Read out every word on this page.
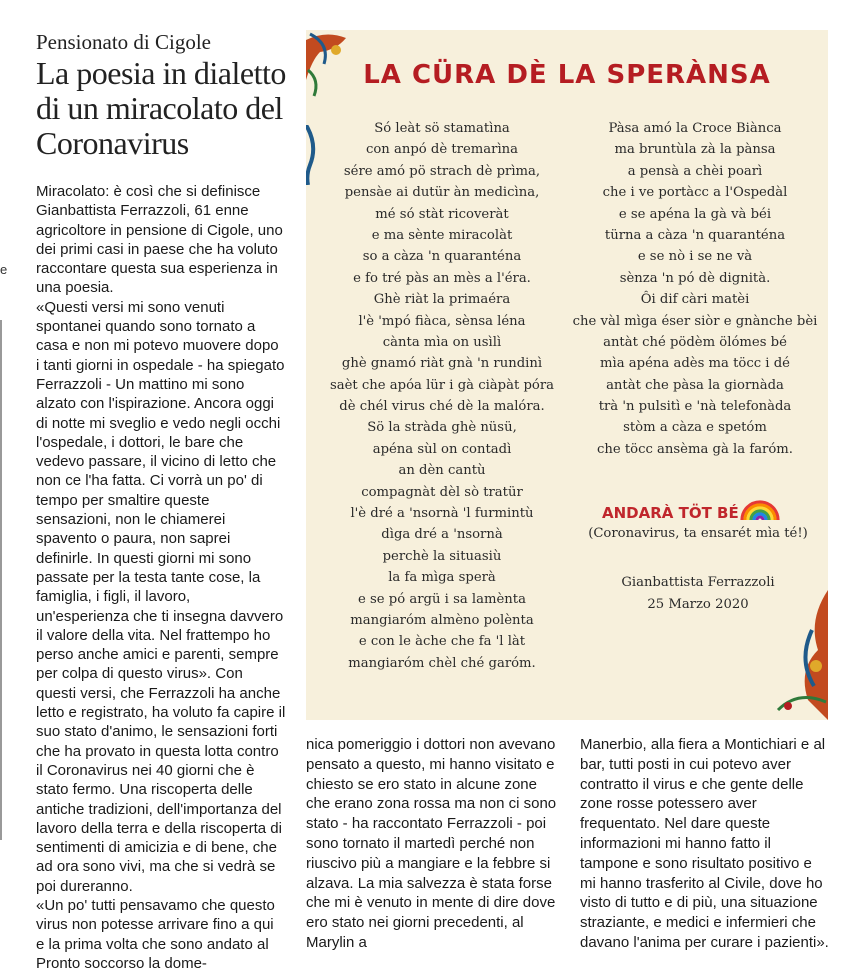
Pensionato di Cigole
La poesia in dialetto di un miracolato del Coronavirus
e

Miracolato: è così che si definisce Gianbattista Ferrazzoli, 61 enne agricoltore in pensione di Cigole, uno dei primi casi in paese che ha voluto raccontare questa sua esperienza in una poesia.

«Questi versi mi sono venuti spontanei quando sono tornato a casa e non mi potevo muovere dopo i tanti giorni in ospedale - ha spiegato Ferrazzoli - Un mattino mi sono alzato con l'ispirazione. Ancora oggi di notte mi sveglio e vedo negli occhi l'ospedale, i dottori, le bare che vedevo passare, il vicino di letto che non ce l'ha fatta. Ci vorrà un po' di tempo per smaltire queste sensazioni, non le chiamerei spavento o paura, non saprei definirle. In questi giorni mi sono passate per la testa tante cose, la famiglia, i figli, il lavoro, un'esperienza che ti insegna davvero il valore della vita. Nel frattempo ho perso anche amici e parenti, sempre per colpa di questo virus». Con questi versi, che Ferrazzoli ha anche letto e registrato, ha voluto fa capire il suo stato d'animo, le sensazioni forti che ha provato in questa lotta contro il Coronavirus nei 40 giorni che è stato fermo. Una riscoperta delle antiche tradizioni, dell'importanza del lavoro della terra e della riscoperta di sentimenti di amicizia e di bene, che ad ora sono vivi, ma che si vedrà se poi dureranno.

«Un po' tutti pensavamo che questo virus non potesse arrivare fino a qui e la prima volta che sono andato al Pronto soccorso la dome-

LA CÜRA DÈ LA SPERÀNSA
Só leàt sö stamatìna
con anpó dè tremarìna
sére amó pö strach dè prìma,
pensàe ai dutür àn medicìna,
mé só stàt ricoveràt
e ma sènte miracolàt
so a càza 'n quaranténa
e fo tré pàs an mès a l'éra.
Ghè riàt la primaéra
l'è 'mpó fiàca, sènsa léna
cànta mìa on usìlì
ghè gnamó riàt gnà 'n rundinì
saèt che apóa lür i gà ciàpàt póra
dè chél virus ché dè la malóra.
Sö la stràda ghè nüsü,
apéna sùl on contadì
an dèn cantù
compagnàt dèl sò tratür
l'è dré a 'nsornà 'l furmintù
dìga dré a 'nsornà
perchè la situasiù
la fa mìga sperà
e se pó argü i sa lamènta
mangiaróm almèno polènta
e con le àche che fa 'l làt
mangiaróm chèl ché garóm.
Pàsa amó la Croce Biànca
ma bruntùla zà la pànsa
a pensà a chèi poarì
che i ve portàcc a l'Ospedàl
e se apéna la gà và béi
türna a càza 'n quaranténa
e se nò i se ne và
sènza 'n pó dè dignità.
Ôi dif càri matèi
che vàl mìga éser siòr e gnànche bèi
antàt ché pödèm ölómes bé
mìa apéna adès ma töcc i dé
antàt che pàsa la giornàda
trà 'n pulsitì e 'nà telefonàda
stòm a càza e spetóm
che töcc ansèma gà la faróm.
ANDARÀ TÖT BÉ
(Coronavirus, ta ensarét mìa té!)
Gianbattista Ferrazzoli
25 Marzo 2020

nica pomeriggio i dottori non avevano pensato a questo, mi hanno visitato e chiesto se ero stato in alcune zone che erano zona rossa ma non ci sono stato - ha raccontato Ferrazzoli - poi sono tornato il martedì perché non riuscivo più a mangiare e la febbre si alzava. La mia salvezza è stata forse che mi è venuto in mente di dire dove ero stato nei giorni precedenti, al Marylin a

Manerbio, alla fiera a Montichiari e al bar, tutti posti in cui potevo aver contratto il virus e che gente delle zone rosse potessero aver frequentato. Nel dare queste informazioni mi hanno fatto il tampone e sono risultato positivo e mi hanno trasferito al Civile, dove ho visto di tutto e di più, una situazione straziante, e medici e infermieri che davano l'anima per curare i pazienti».
